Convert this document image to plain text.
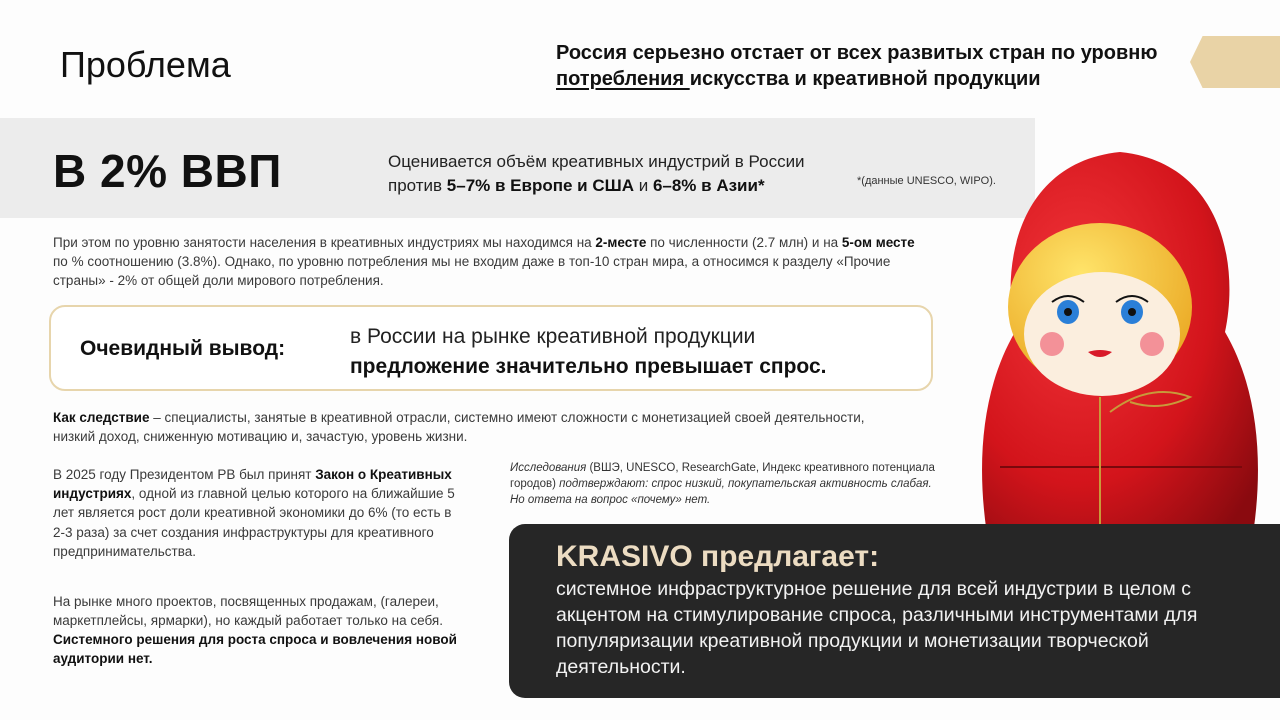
Проблема	Россия серьезно отстает от всех развитых стран по уровню потребления искусства и креативной продукции
В 2% ВВП	Оцениваетcя объём креативных индустрий в России против 5–7% в Европе и США и 6–8% в Азии*	*(данные UNESCO, WIPO).
При этом по уровню занятости населения в креативных индустриях мы находимся на 2-месте по численности (2.7 млн) и на 5-ом месте по % соотношению (3.8%). Однако, по уровню потребления мы не входим даже в топ-10 стран мира, а относимся к разделу «Прочие страны» - 2% от общей доли мирового потребления.
Очевидный вывод:
в России на рынке креативной продукции
предложение значительно превышает спрос.
Как следствие – специалисты, занятые в креативной отрасли, системно имеют сложности с монетизацией своей деятельности, низкий доход, сниженную мотивацию и, зачастую, уровень жизни.
В 2025 году Президентом РВ был принят Закон о Креативных индустриях, одной из главной целью которого на ближайшие 5 лет является рост доли креативной экономики до 6% (то есть в 2-3 раза) за счет создания инфраструктуры для креативного предпринимательства.
На рынке много проектов, посвященных продажам, (галереи, маркетплейсы, ярмарки), но каждый работает только на себя.
Системного решения для роста спроса и вовлечения новой аудитории нет.
Исследования (ВШЭ, UNESCO, ResearchGate, Индекс креативного потенциала городов) подтверждают: спрос низкий, покупательская активность слабая. Но ответа на вопрос «почему» нет.
KRASIVO предлагает:
системное инфраструктурное решение для всей индустрии в целом с акцентом на стимулирование спроса, различными инструментами для популяризации креативной продукции и монетизации творческой деятельности.
